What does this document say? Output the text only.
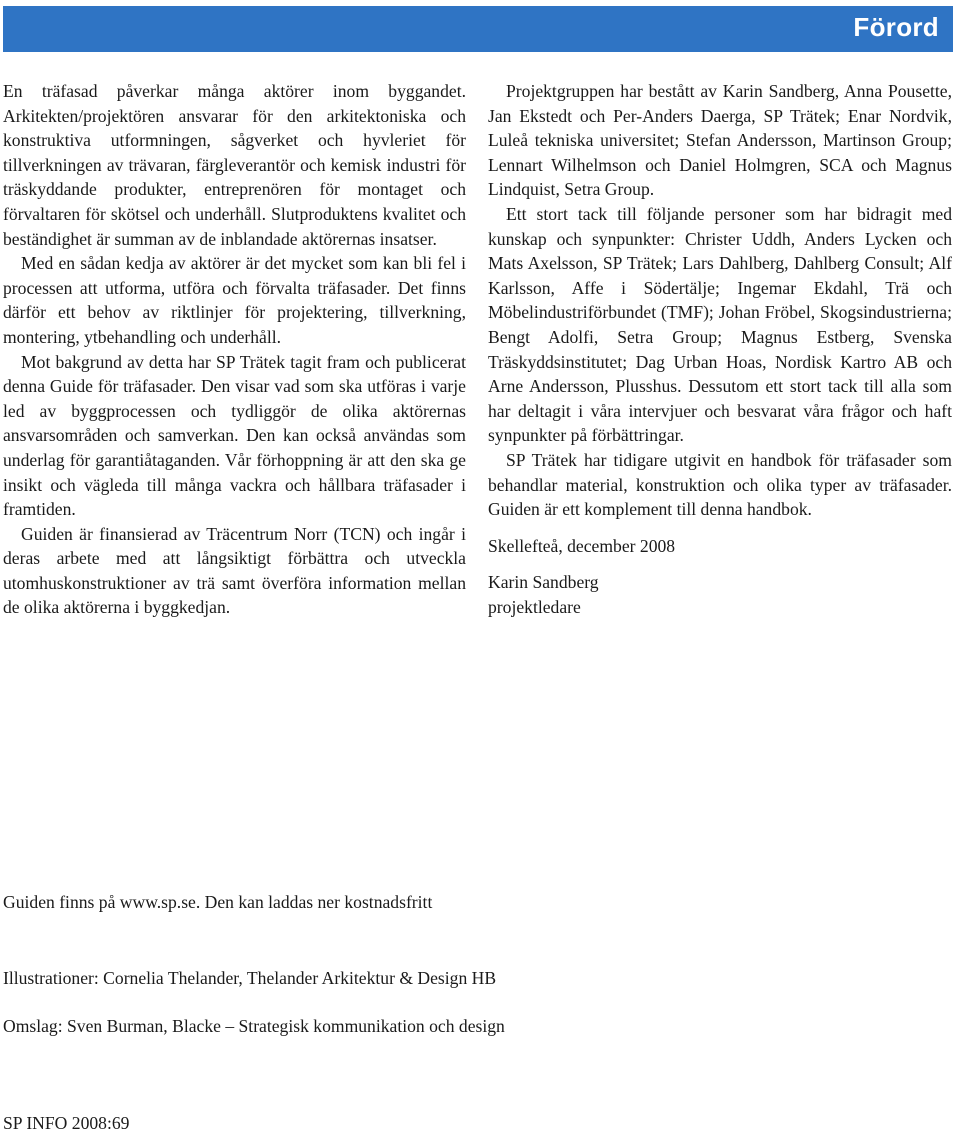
Förord

En träfasad påverkar många aktörer inom byggandet. Arkitekten/projektören ansvarar för den arkitektoniska och konstruktiva utformningen, sågverket och hyvleriet för tillverkningen av trävaran, färgleverantör och kemisk industri för träskyddande produkter, entreprenören för montaget och förvaltaren för skötsel och underhåll. Slutproduktens kvalitet och beständighet är summan av de inblandade aktörernas insatser.

Med en sådan kedja av aktörer är det mycket som kan bli fel i processen att utforma, utföra och förvalta träfasader. Det finns därför ett behov av riktlinjer för projektering, tillverkning, montering, ytbehandling och underhåll.

Mot bakgrund av detta har SP Trätek tagit fram och publicerat denna Guide för träfasader. Den visar vad som ska utföras i varje led av byggprocessen och tydliggör de olika aktörernas ansvarsområden och samverkan. Den kan också användas som underlag för garantiåtaganden. Vår förhoppning är att den ska ge insikt och vägleda till många vackra och hållbara träfasader i framtiden.

Guiden är finansierad av Träcentrum Norr (TCN) och ingår i deras arbete med att långsiktigt förbättra och utveckla utomhuskonstruktioner av trä samt överföra information mellan de olika aktörerna i byggkedjan.

Projektgruppen har bestått av Karin Sandberg, Anna Pousette, Jan Ekstedt och Per-Anders Daerga, SP Trätek; Enar Nordvik, Luleå tekniska universitet; Stefan Andersson, Martinson Group; Lennart Wilhelmson och Daniel Holmgren, SCA och Magnus Lindquist, Setra Group.

Ett stort tack till följande personer som har bidragit med kunskap och synpunkter: Christer Uddh, Anders Lycken och Mats Axelsson, SP Trätek; Lars Dahlberg, Dahlberg Consult; Alf Karlsson, Affe i Södertälje; Ingemar Ekdahl, Trä och Möbelindustriförbundet (TMF); Johan Fröbel, Skogsindustrierna; Bengt Adolfi, Setra Group; Magnus Estberg, Svenska Träskyddsinstitutet; Dag Urban Hoas, Nordisk Kartro AB och Arne Andersson, Plusshus. Dessutom ett stort tack till alla som har deltagit i våra intervjuer och besvarat våra frågor och haft synpunkter på förbättringar.

SP Trätek har tidigare utgivit en handbok för träfasader som behandlar material, konstruktion och olika typer av träfasader. Guiden är ett komplement till denna handbok.

Skellefteå, december 2008

Karin Sandberg

projektledare

Guiden finns på www.sp.se. Den kan laddas ner kostnadsfritt
Illustrationer: Cornelia Thelander, Thelander Arkitektur & Design HB
Omslag: Sven Burman, Blacke – Strategisk kommunikation och design
SP INFO 2008:69
